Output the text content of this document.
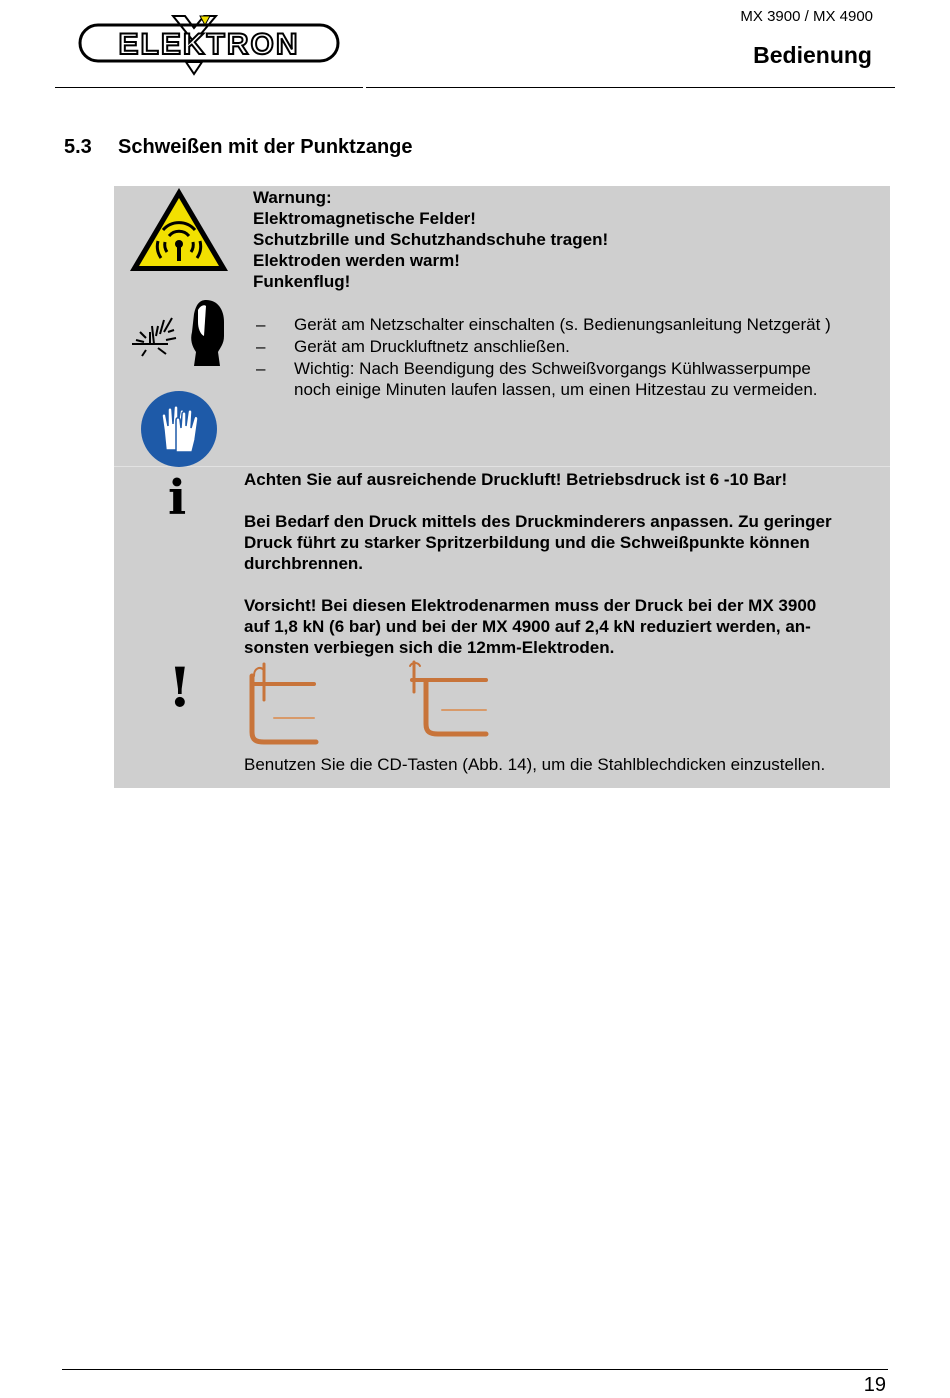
ELEKTRON
MX 3900 / MX 4900
Bedienung
5.3 Schweißen mit der Punktzange
Warnung:
Elektromagnetische Felder!
Schutzbrille und Schutzhandschuhe tragen!
Elektroden werden warm!
Funkenflug!
– Gerät am Netzschalter einschalten (s. Bedienungsanleitung Netzgerät )
– Gerät am Druckluftnetz anschließen.
– Wichtig: Nach Beendigung des Schweißvorgangs Kühlwasserpumpe
noch einige Minuten laufen lassen, um einen Hitzestau zu vermeiden.
i	Achten Sie auf ausreichende Druckluft! Betriebsdruck ist 6 -10 Bar!
Bei Bedarf den Druck mittels des Druckminderers anpassen. Zu geringer
Druck führt zu starker Spritzerbildung und die Schweißpunkte können
durchbrennen.
!
Vorsicht! Bei diesen Elektrodenarmen muss der Druck bei der MX 3900
auf 1,8 kN (6 bar) und bei der MX 4900 auf 2,4 kN reduziert werden, an-
sonsten verbiegen sich die 12mm-Elektroden.
Benutzen Sie die CD-Tasten (Abb. 14), um die Stahlblechdicken einzustellen.
19
